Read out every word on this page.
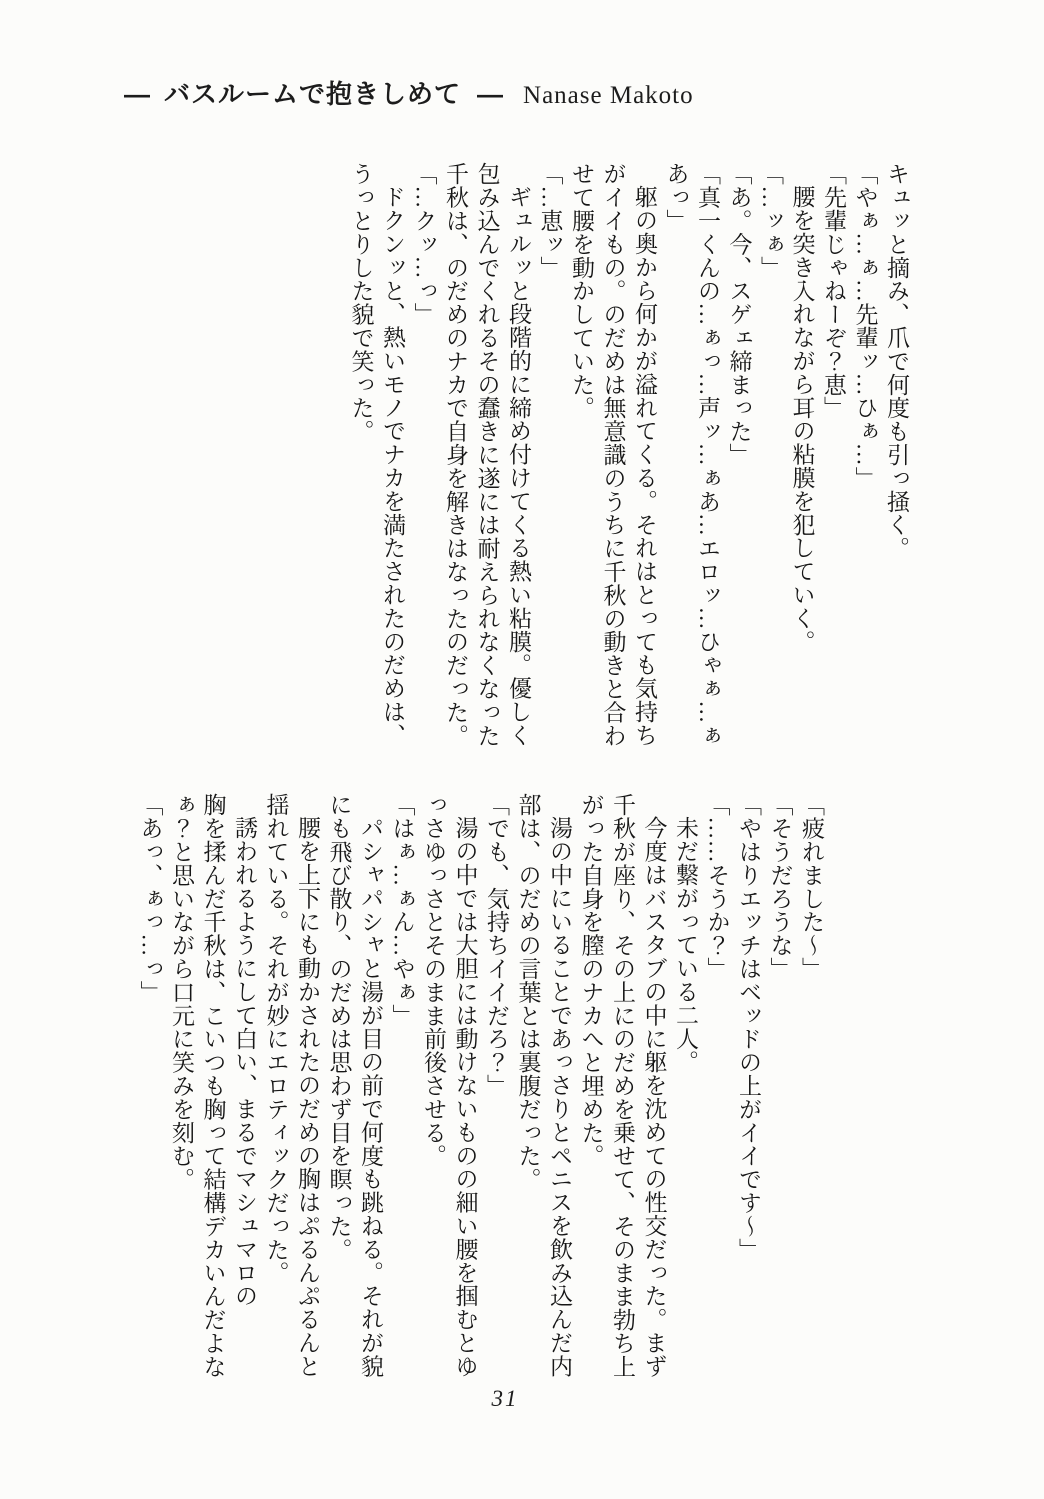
― バスルームで抱きしめて ― Nanase Makoto

キュッと摘み、爪で何度も引っ掻く。

「やぁ…ぁ…先輩ッ…ひぁ…」

「先輩じゃねーぞ？恵」

腰を突き入れながら耳の粘膜を犯していく。

「…ッぁ」

「あ。今、スゲェ締まった」

「真一くんの…ぁっ…声ッ…ぁあ…エロッ…ひゃぁ…ぁ

あっ」

躯の奥から何かが溢れてくる。それはとっても気持ち

がイイもの。のだめは無意識のうちに千秋の動きと合わ

せて腰を動かしていた。

「…恵ッ」

ギュルッと段階的に締め付けてくる熱い粘膜。優しく

包み込んでくれるその蠢きに遂には耐えられなくなった

千秋は、のだめのナカで自身を解きはなったのだった。

「…クッ…っ」

ドクンッと、熱いモノでナカを満たされたのだめは、

うっとりした貌で笑った。

「疲れました〜」

「そうだろうな」

「やはりエッチはベッドの上がイイです〜」

「……そうか？」

未だ繋がっている二人。

今度はバスタブの中に躯を沈めての性交だった。まず

千秋が座り、その上にのだめを乗せて、そのまま勃ち上

がった自身を膣のナカへと埋めた。

湯の中にいることであっさりとペニスを飲み込んだ内

部は、のだめの言葉とは裏腹だった。

「でも、気持ちイイだろ？」

湯の中では大胆には動けないものの細い腰を掴むとゆ

っさゆっさとそのまま前後させる。

「はぁ…ぁん…やぁ」

パシャパシャと湯が目の前で何度も跳ねる。それが貌

にも飛び散り、のだめは思わず目を瞑った。

腰を上下にも動かされたのだめの胸はぷるんぷるんと

揺れている。それが妙にエロティックだった。

誘われるようにして白い、まるでマシュマロの

胸を揉んだ千秋は、こいつも胸って結構デカいんだよな

ぁ？と思いながら口元に笑みを刻む。

「あっ、ぁっ…っ」

31
